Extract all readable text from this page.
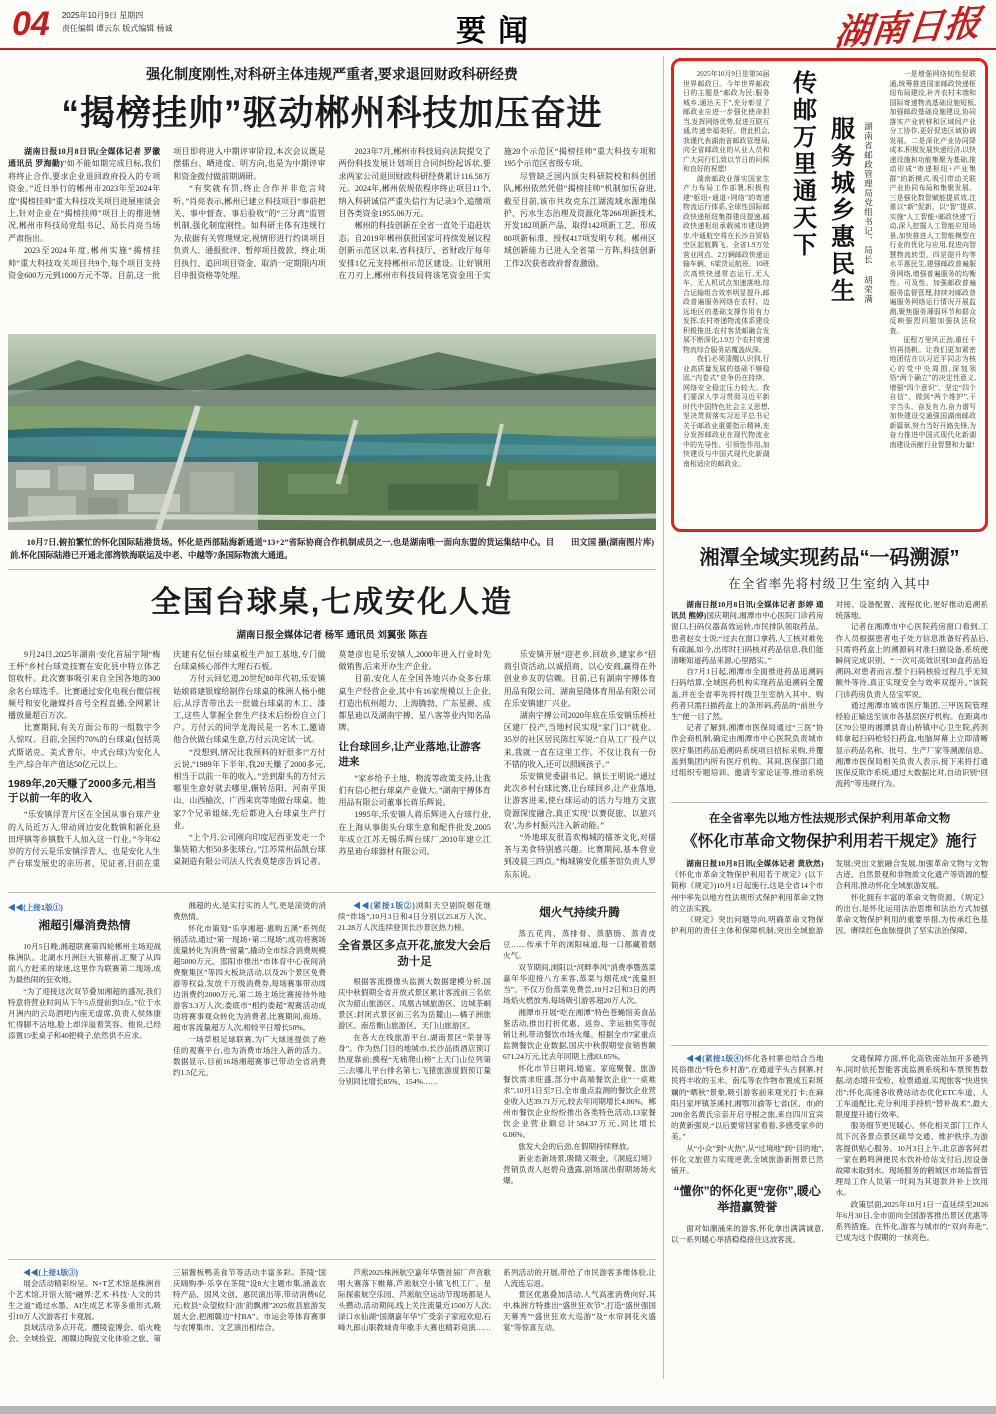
04 2025年10月9日 星期四
责任编辑 谭云东 版式编辑 杨诚	要闻	湖南日报

强化制度刚性,对科研主体违规严重者,要求退回财政科研经费

“揭榜挂帅”驱动郴州科技加压奋进

湖南日报10月8日讯(全媒体记者 罗徽 通讯员 罗海勤)“如不能如期完成目标,我们将终止合作,要求企业退回政府投入的专项资金。”近日举行的郴州市2023年至2024年度“揭榜挂帅”重大科技攻关项目进展座谈会上,针对企业在“揭榜挂帅”项目上的推进情况,郴州市科技局党组书记、局长肖亮当场严肃指出。

2023至2024年度,郴州实施“揭榜挂帅”重大科技攻关项目共9个,每个项目支持资金600万元到1000万元不等。目前,这一批项目即将进入中期评审阶段,本次会议既是摆擂台、晒进度、明方向,也是为中期评审和资金拨付做前期调研。

“有奖就有罚,终止合作并非危言耸听。”肖亮表示,郴州已建立科技项目“事前把关、事中督查、事后验收”的“三分离”监管机制,强化制度刚性。如科研主体有违规行为,依据有关管理规定,视情形进行约谈项目负责人、通报批评、暂停项目拨款、终止项目执行、追回项目资金、取消一定期限内项目申报资格等处理。

2023年7月,郴州市科技局向法院提交了两份科技发展计划项目合同纠纷起诉状,要求两家公司退回财政科研经费累计116.58万元。2024年,郴州依规依程序终止项目11个,纳入科研诚信严重失信行为记录3个,追缴项目各类资金1955.06万元。

郴州的科技创新在全省一直处于追赶状态。自2019年郴州获批国家可持续发展议程创新示范区以来,省科技厅、省财政厅每年安排1亿元支持郴州示范区建设。让好钢用在刀刃上,郴州市科技局将该笔资金用于实施20个示范区“揭榜挂帅”重大科技专项和195个示范区省级专项。

尽管缺乏国内顶尖科研院校和科创团队,郴州依然凭借“揭榜挂帅”机制加压奋进,截至目前,该市共攻克东江湖流域水源地保护、污水生态治理及资源化等266项新技术,开发182项新产品、取得142项新工艺、形成80项新标准、授权417项发明专利。郴州区域创新能力已进入全省第一方阵,科技创新工作2次获省政府督查激励。

田文国 摄(湖南图片库)
10月7日,俯拍繁忙的怀化国际陆港货场。怀化是西部陆海新通道“13+2”省际协商合作机制成员之一,也是湖南唯一面向东盟的货运集结中心。目前,怀化国际陆港已开通北部湾铁海联运及中老、中越等7条国际物流大通道。
全国台球桌,七成安化人造
湖南日报全媒体记者 杨军 通讯员 刘翼张 陈壵

9月24日,2025年湖南·安化首届宇翔“梅王杯”乡村台球竞技赛在安化县中特立体艺馆收杆。此次赛事吸引来自全国各地的300余名台球选手。比赛通过安化电视台微信视频号和安化融媒抖音号全程直播,全网累计播放量超百万次。

比赛期间,有关方面公布的一组数字令人惊叹。目前,全国约70%的台球桌(包括英式斯诺克、美式普尔、中式台球)为安化人生产,综合年产值达50亿元以上。

1989年,20天赚了2000多元,相当于以前一年的收入

“乐安镇浮青片区在全国从事台球产业的人员近万人,带动周边安化数镇和新化县田坪镇等乡镇数千人加入这一行业。”今年62岁的方付云是乐安镇浮青人、也是安化人生产台球发展史的亲历者、见证者,目前在重庆建有亿恒台球桌板生产加工基地,专门做台球桌核心部件大理石石板。

方付云回忆道,20世纪80年代初,乐安镇姑娘蒋建银嫁给制作台球桌的株洲人杨小健后,从浮青带出去一批做台球桌的木工、漆工,这些人掌握全套生产技术后纷纷自立门户。方付云的同学龙海民是一名木工,邀请他合伙做台球桌生意,方付云决定试一试。

“没想到,情况比我预料的好很多!”方付云说,“1989年下半年,我20天赚了2000多元,相当于以前一年的收入。”尝到甜头的方付云哪里生意好就去哪里,辗转岳阳、河南平顶山、山西榆次、广西来宾等地做台球桌。他家7个兄弟姐妹,先后都进入台球桌生产行业。

“上个月,公司刚向印度尼西亚发走一个集装箱大柜50多张球台。”江苏常州品凯台球桌制造有限公司法人代表莫楚彦告诉记者。莫楚彦也是乐安镇人,2000年进入行业时先做销售,后来开办生产企业。

目前,安化人在全国各地兴办众多台球桌生产经营企业,其中有16家规模以上企业,打造出杭州超力、上海腾勃、广东星爵、成都星迪以及湖南宇搏、星八客等业内知名品牌。

让台球回乡,让产业落地,让游客进来

“家乡给予土地、物流等政策支持,让我们有信心把台球桌产业做大。”湖南宇搏体育用品有限公司董事长蒋乐辉说。

1995年,乐安镇人蒋乐辉进入台球行业,在上海从事街头台球生意和配件批发,2005年成立江苏无锡乐辉台球厂,2010年建立江苏星迪台球器材有限公司。

乐安镇开展“迎老乡,回故乡,建家乡”招商引资活动,以诚招商、以心安商,赢得在外创业乡友的信赖。目前,已有湖南宇搏体育用品有限公司、湖南星隆体育用品有限公司在乐安镇建厂兴业。

湖南宇搏公司2020年底在乐安镇乐桥社区建厂投产,当地村民实现“家门口”就业。35岁的社区居民陈红军说:“自从工厂投产以来,我就一直在这里工作。不仅让我有一份不错的收入,还可以照顾孩子。”

乐安镇党委副书记、镇长王明说:“通过此次乡村台球比赛,让台球回乡,让产业落地,让游客进来,使台球运动的活力与地方文旅资源深度融合,真正实现‘以赛促旅、以旅兴农’,为乡村振兴注入新动能。”

“外地球友很喜欢梅城的擂茶文化,对擂茶与美食特别感兴趣。比赛期间,基本营业到凌晨三四点。”梅城镇安化擂茶馆负责人罗东东说。

◀◀(上接1版①)

湘超引爆消费热情

10月5日晚,湘超联赛第四轮郴州主场迎战株洲队。北湖水月洲巨大银幕前,汇聚了从四面八方赶来的球迷,这里作为联赛第二现场,成为最热闹的狂欢地。

“为了迎接这次双节叠加湘超的盛况,我们特意将营业时间从下午5点提前到3点。”位于水月洲内的云岛酒吧内座无虚席,负责人侯体康忙得脚不沾地,脸上却洋溢着笑容。他说,已经添置15张桌子和40把椅子,依然供不应求。

湘超的火,是实打实的人气,更是滚烫的消费热情。

怀化市策划“乐享湘超·惠购五溪”系列促销活动,通过“第一现场+第二现场”,成功将赛场流量转化为消费“留量”,撬动全市综合消费规模超5000万元。邵阳市推出“市体育中心夜间消费聚集区”等四大板块活动,以及26个景区免费游等权益,发放千万级消费券,每场赛事带动周边消费约2000万元,第二场主场比赛接待外地游客3.3万人次;娄底市“相约娄超”观赛活动成功将赛事观众转化为消费者,比赛期间,商场、超市客流量超万人次,相较平日增长50%。

一场草根足球联赛,为广大球迷提供了绝佳的观赛平台,也为消费市场注入新的活力。数据显示,目前16场湘超赛事已带动全省消费约1.5亿元。

◀◀(紧接1版②)浏阳天空剧院烟花继续“炸场”,10月3日和4日分别以25.8万人次、21.28万人次连续登顶长沙景区热力榜。

全省景区多点开花,旅发大会后劲十足

根据客流摄像头监测大数据建模分析,国庆中秋假期全省开放式景区累计客流前三名依次为韶山旅游区、凤凰古城旅游区、边城茶峒景区;封闭式景区前三名为岳麓山—橘子洲旅游区、南岳衡山旅游区、天门山旅游区。

在各大在线旅游平台,湖南景区“荣誉等身”。作为热门目的地城市,长沙品质酒店预订热度靠前;携程“无痛爬山榜”上天门山位列第三;去哪儿平台排名第七;飞猪旅游度假预订量分别同比增长85%、154%……

烟火气持续升腾

蒸五花肉、蒸排骨、蒸腊肠、蒸青皮豆……传承千年的浏阳味道,每一口都藏着烟火气。

双节期间,浏阳以“河畔季风”消费季暨蒸菜嘉年华迎接八方来客,蒸菜与烟花成“流量担当”。不仅万份蒸菜免费尝,10月2日和3日的两场焰火燃放秀,每场吸引游客超20万人次。

湘潭市开展“吃在湘潭”特色苍蝇馆美食品鉴活动,推出打折优惠、返券、幸运抽奖等促销让利,带动餐饮市场火爆。根据全市7家重点监测餐饮企业数据,国庆中秋假期堂食销售额671.24万元,比去年同期上涨83.05%。

怀化市节日期间,婚宴、家庭聚餐、旅游餐饮需求旺盛,部分中高端餐饮企业“一桌难求”,10月1日至7日,全市重点监测的餐饮企业营业收入达39.71万元,较去年同期增长4.86%。郴州市餐饮企业纷纷推出各类特色活动,13家餐饮企业营业额总计584.37万元,同比增长6.06%。

旅发大会的后劲,在假期持续释放。

新业态新场景,吸睛又吸金。《洞庭幻境》营销负责人赵碧舟透露,剧场演出假期场场火爆。

◀◀(上接1版③)

展会活动精彩纷呈。N+T艺术馆是株洲首个艺术馆,开馆大展“融界:艺术·科技·人文的共生之道”通过水墨、AI生成艺术等多重形式,吸引10万人次游客打卡观展。

县域活动多点开花。醴陵瓷博会、焰火晚会、全城捡瓷、湘赣边陶瓷文化体验之旅、第三届酱板鸭美食节等活动丰富多彩。茶陵“国庆嗨购季·乐享在茶陵”设8大主题市集,涵盖农特产品、国风文创、惠民演出等,带动消费6亿元;攸县“众望攸归‘油’韵飘湘”2025攸县旅游发展大会,把湘赣边“村BA”、市运会等体育赛事与农博集市、文艺演出相结合。

芦淞2025株洲航空嘉年华暨首届厂声音歌唱大赛落下帷幕,芦淞航空小镇飞机工厂、星际探索航空乐园、芦淞航空运动节现场都是人头攒动,活动期间,线上关注流量近1500万人次;渌口水仙湖“国潮嘉年华”广受亲子家庭欢迎,石峰九郎山职教城青年歌手大赛也精彩竞演……系列活动的开展,带给了市民游客多维体验,让人流连忘返。

景区优惠叠加活动,人气高涨消费向好,其中,株洲方特推出“盛世狂欢节”,打造“盛世强国天幕秀”“盛世狂欢大巡游”及“水帘洞花火盛宴”等惊喜互动。

2025年10月9日是第56届世界邮政日。今年世界邮政日的主题是“邮政为民:服务城乡,通达天下”,充分彰显了邮政业应进一步强化使命担当,发挥网络优势,促进互联互通,传递幸福美好。借此机会,我谨代表湖南省邮政管理局,向全省邮政业的从业人员和广大同行们,致以节日的问候和良好的祝愿!

湖南邮政业落实国家生产力布局工作部署,积极构建“枢纽+通道+网络”的寄递物流运行体系,全球性国际邮政快递枢纽集群建设提速,邮政快递枢纽承载城市建设跨步,中通航空将在长沙自贸临空区起航腾飞。全省1.9万处营业网点、2万辆邮政快递运输车辆、6架货运航班、10班次高铁快递常态运行,无人车、无人机试点加速落地,综合运输组合效率明显提升,邮政普遍服务网络在农村、边远地区的基础支撑作用有力发挥,农村寄递物流体系建设积极推进,农村客货邮融合发展不断深化,1.9万个农村寄递物流综合服务站覆盖纵深。

我们必须清醒认识到,行业高质量发展的基础不够稳固,“内卷式”竞争仍在持续、网络安全稳定压力较大。我们要深入学习贯彻习近平新时代中国特色社会主义思想,坚决贯彻落实习近平总书记关于邮政业重要指示精神,充分发挥邮政业在现代物流业中的先导性、引领性作用,加快建设与中国式现代化新湖南相适应的邮政业。

传邮万里通天下 服务城乡惠民生	湖南省邮政管理局党组书记、局长 胡荣满

一是增强网络韧性促联通,统筹推进国家邮政快递枢纽布局建设,补齐农村末端和国际寄递物流基础设施短板,加强邮政基础设施建设,协同落实产业转移和区域间产业分工协作,更好促进区域协调发展。二是深化产业协同降成本,积极发展快递经济,以快递设施和功能集聚为基础,推动形成“寄递枢纽+产业集群”的新模式,吸引带动关联产业协同布局和集聚发展。三是强化数智赋能提质效,注重以“新”促新、以“智”提质,实施“人工智能+邮政快递”行动,深入挖掘人工智能应用场景,加快推进人工智能模型在行业的优化与应用,促进向智慧物流转型。四是提升均等水平惠民生,建强邮政普遍服务网络,增强普遍服务的均衡性、可及性。加强邮政普遍服务监督管理,持续对邮政普遍服务网络运行情况开展监测,聚焦服务薄弱环节和群众反映强烈问题加强执法检查。

征程万里风正劲,重任千钧再扬帆。让我们更加紧密地团结在以习近平同志为核心的党中央周围,深刻领悟“两个确立”的决定性意义,增强“四个意识”、坚定“四个自信”、做到“两个维护”,干字当头、奋发有力,奋力谱写加快建设交通强国湖南邮政新篇章,努力当好开路先锋,为奋力推进中国式现代化新湖南建设贡献行业智慧和力量!

湘潭全域实现药品“一码溯源”
在全省率先将村级卫生室纳入其中

湖南日报10月8日讯(全媒体记者 彭婷 通讯员 熊婷)国庆期间,湘潭市中心医院门诊药房窗口,扫码仪器高效运转,市民排队领取药品。患者赵女士说:“过去在窗口拿药,人工核对难免有疏漏,如今,出库时扫码核对药品信息,我们能清晰知道药品来源,心里踏实。”

自7月1日起,湘潭市全面推进药品追溯码扫码结算,全域医药机构实现药品追溯码全覆盖,并在全省率先将村级卫生室纳入其中。购药者只需扫描药盒上的条形码,药品的“前世今生”便一目了然。

记者了解到,湘潭市医保局通过“三医”协作会商机制,确定由湘潭市中心医院负责城市医疗集团药品追溯码系统项目招标采购,并覆盖到集团内所有医疗机构。其间,医保部门通过组织专题培训、邀请专家论证等,推动系统对接、设备配置、流程优化,更好推动追溯系统落地。

记者在湘潭市中心医院药房窗口看到,工作人员根据患者电子处方信息准备好药品后,只需将药盒上的溯源码对准扫描设备,系统便瞬间完成识别。“一次可高效识别30盒药品追溯码,对患者而言,整个扫码核验过程几乎无须额外等待,真正实现安全与效率双提升。”该院门诊药房负责人岳宝军说。

通过湘潭市城市医疗集团,三甲医院管理经验正输送至该市各基层医疗机构。在距离市区70公里的湘潭县青山桥镇中心卫生院,药剂师拿起扫码枪轻扫药盒,电脑屏幕上立即清晰显示药品名称、批号、生产厂家等溯源信息。湘潭市医保局相关负责人表示,接下来将打通医保反欺诈系统,通过大数据比对,自动识别“回流药”等违规行为。

在全省率先以地方性法规形式保护利用革命文物

《怀化市革命文物保护利用若干规定》施行

湖南日报10月8日讯(全媒体记者 黄欣然)《怀化市革命文物保护利用若干规定》(以下简称《规定》)10月1日起施行,这是全省14个市州中率先以地方性法规形式保护利用革命文物的立法实践。

《规定》突出问题导向,明确革命文物保护利用的责任主体和保障机制;突出全域旅游发展;突出文旅融合发展,加强革命文物与文物古迹、自然景观和非物质文化遗产等资源的整合利用,推动怀化全域旅游发展。

怀化拥有丰富的革命文物资源。《规定》的出台,是怀化运用法治思维和法治方式加强革命文物保护利用的重要举措,为传承红色基因、赓续红色血脉提供了坚实法治保障。

◀◀(紧接1版④)怀化各村寨也结合当地民俗推出“特色乡村游”,在通道芋头古侗寨,村民将丰收的玉米、南瓜等农作物布置成五彩斑斓的“晒秋”景象,吸引游客前来观光打卡;在麻阳吕家坪镇茶溪村,湘鄂川渝等七省(区、市)的200余名黄氏宗亲开启寻根之旅,来自四川宜宾的黄新强说:“以后要常回家看看,多感受家乡的美。”

从“小众”到“火热”,从“过境地”到“目的地”,怀化文旅借力实现逆袭,全域旅游新图景已然铺开。

“懂你”的怀化更“宠你”,暖心举措赢赞誉

面对如潮涌来的游客,怀化拿出满满诚意,以一系列暖心举措稳稳接住这波客流。

交通保障方面,怀化高铁南站加开多趟列车,同时依托智能客流监测系统和车票预售数据,动态增开安检、检票通道,实现旅客“快进快出”;怀化高速各收费站动态优化ETC车道、人工车道配比,充分利用手持机“替补战术”,最大限度提升通行效率。

服务细节更见暖心。怀化相关部门工作人员下沉各景点景区疏导交通、维护秩序,为游客提供贴心服务。10月3日上午,北京游客何君一家在鹤鸣洲便民水饮补给站支付后,因设备故障未取到水。现场服务的鹤城区市场监督管理局工作人员第一时间为其退款并补上饮用水。

政策层面,2025年10月1日一直延续至2026年6月30日,全市面向全国游客推出景区优惠等系列措施。在怀化,游客与城市的“双向奔赴”,已成为这个假期的一抹亮色。
